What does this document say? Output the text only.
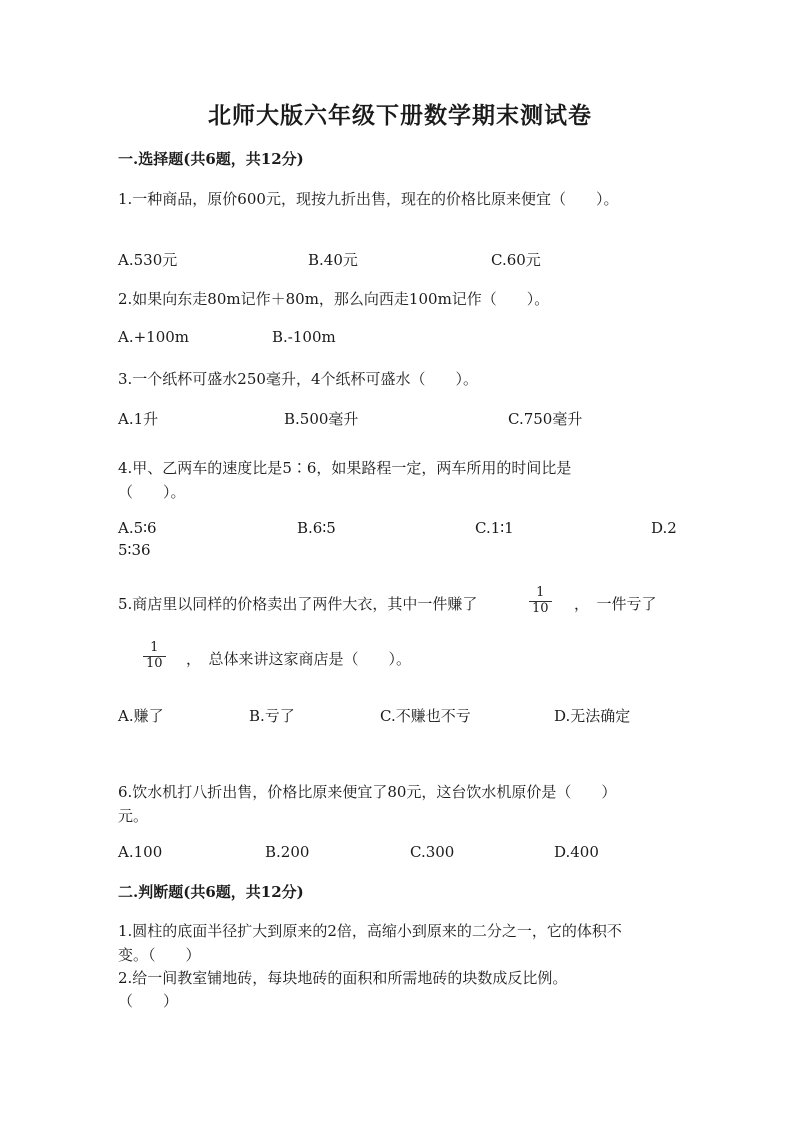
北师大版六年级下册数学期末测试卷
一.选择题(共6题，共12分)
1.一种商品，原价600元，现按九折出售，现在的价格比原来便宜（　　）。
A.530元	B.40元	C.60元
2.如果向东走80m记作＋80m，那么向西走100m记作（　　）。
A.+100m	B.-100m
3.一个纸杯可盛水250毫升，4个纸杯可盛水（　　）。
A.1升	B.500毫升	C.750毫升
4.甲、乙两车的速度比是5∶6，如果路程一定，两车所用的时间比是
（　　）。
A.5∶6	B.6∶5	C.1∶1	D.2
5∶36
5.商店里以同样的价格卖出了两件大衣，其中一件赚了	$\frac{1}{10}$ ，　一件亏了
$\frac{1}{10}$ ，　总体来讲这家商店是（　　）。
A.赚了	B.亏了	C.不赚也不亏	D.无法确定
6.饮水机打八折出售，价格比原来便宜了80元，这台饮水机原价是（　　）
元。
A.100	B.200	C.300	D.400
二.判断题(共6题，共12分)
1.圆柱的底面半径扩大到原来的2倍，高缩小到原来的二分之一，它的体积不
变。（　　）
2.给一间教室铺地砖，每块地砖的面积和所需地砖的块数成反比例。
（　　）
